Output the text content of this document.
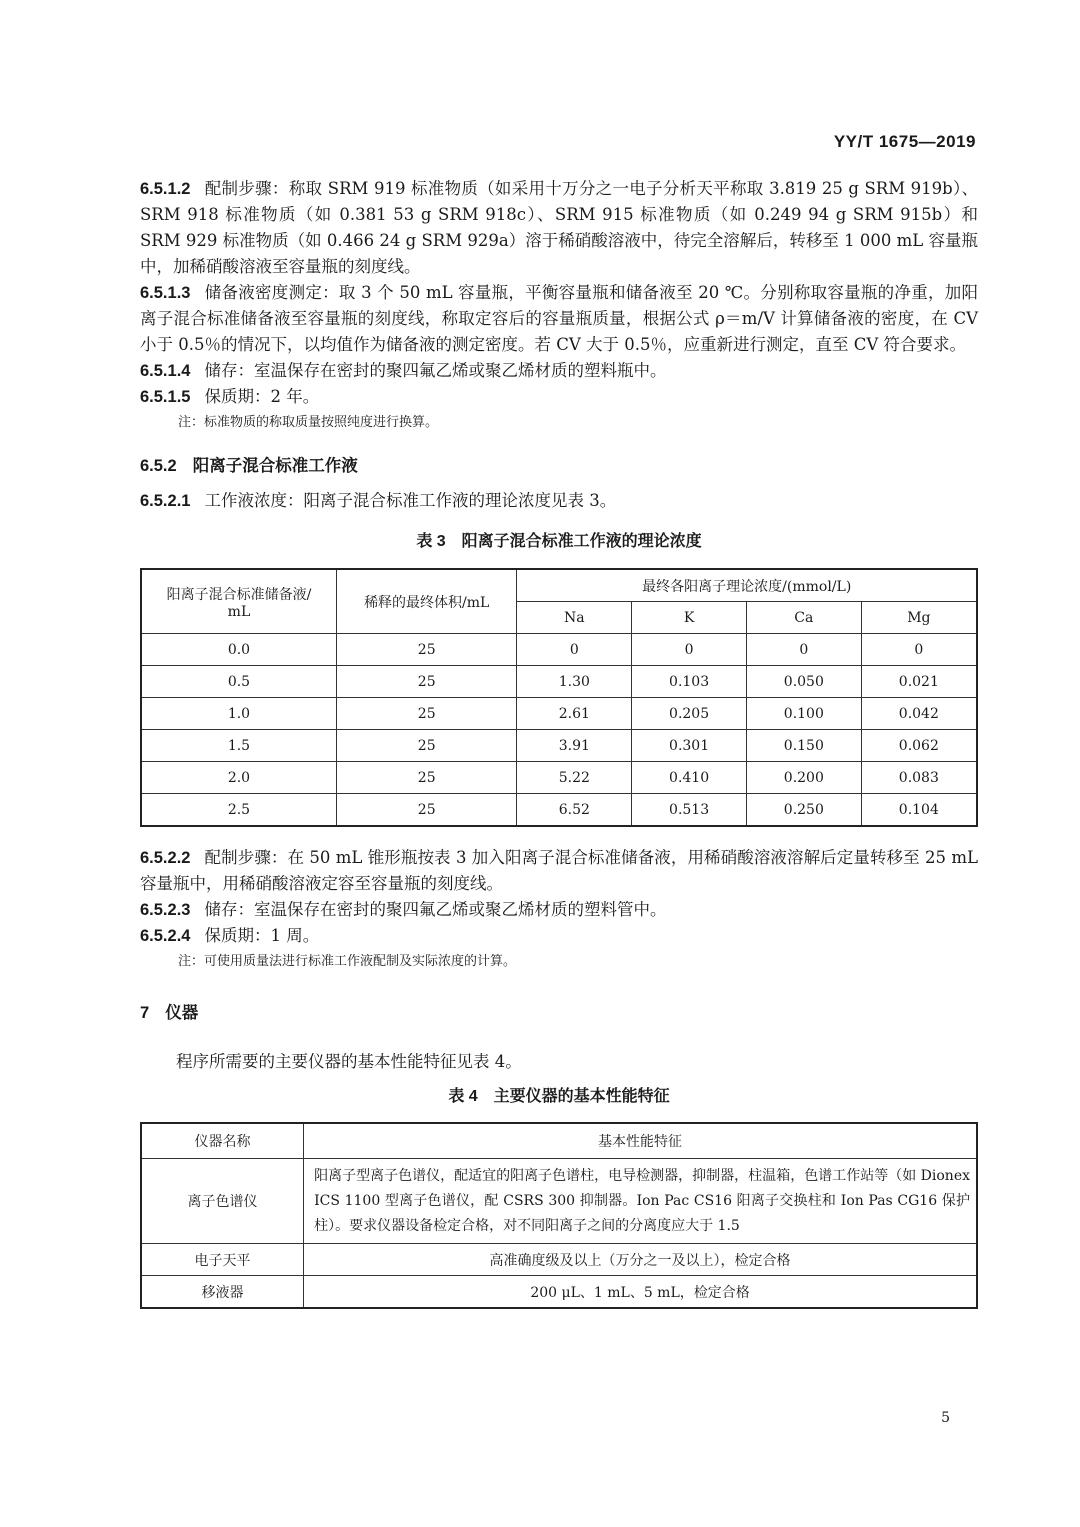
YY/T 1675—2019

6.5.1.2 配制步骤：称取 SRM 919 标准物质（如采用十万分之一电子分析天平称取 3.819 25 g SRM 919b）、SRM 918 标准物质（如 0.381 53 g SRM 918c）、SRM 915 标准物质（如 0.249 94 g SRM 915b）和 SRM 929 标准物质（如 0.466 24 g SRM 929a）溶于稀硝酸溶液中，待完全溶解后，转移至 1 000 mL 容量瓶中，加稀硝酸溶液至容量瓶的刻度线。

6.5.1.3 储备液密度测定：取 3 个 50 mL 容量瓶，平衡容量瓶和储备液至 20 ℃。分别称取容量瓶的净重，加阳离子混合标准储备液至容量瓶的刻度线，称取定容后的容量瓶质量，根据公式 ρ＝m/V 计算储备液的密度，在 CV 小于 0.5％的情况下，以均值作为储备液的测定密度。若 CV 大于 0.5％，应重新进行测定，直至 CV 符合要求。

6.5.1.4 储存：室温保存在密封的聚四氟乙烯或聚乙烯材质的塑料瓶中。

6.5.1.5 保质期：2 年。

注：标准物质的称取质量按照纯度进行换算。

6.5.2 阳离子混合标准工作液

6.5.2.1 工作液浓度：阳离子混合标准工作液的理论浓度见表 3。

表 3　阳离子混合标准工作液的理论浓度

阳离子混合标准储备液/
mL	稀释的最终体积/mL	最终各阳离子理论浓度/(mmol/L)			
		Na	K	Ca	Mg
0.0	25	0	0	0	0
0.5	25	1.30	0.103	0.050	0.021
1.0	25	2.61	0.205	0.100	0.042
1.5	25	3.91	0.301	0.150	0.062
2.0	25	5.22	0.410	0.200	0.083
2.5	25	6.52	0.513	0.250	0.104

6.5.2.2 配制步骤：在 50 mL 锥形瓶按表 3 加入阳离子混合标准储备液，用稀硝酸溶液溶解后定量转移至 25 mL 容量瓶中，用稀硝酸溶液定容至容量瓶的刻度线。

6.5.2.3 储存：室温保存在密封的聚四氟乙烯或聚乙烯材质的塑料管中。

6.5.2.4 保质期：1 周。

注：可使用质量法进行标准工作液配制及实际浓度的计算。

7 仪器

程序所需要的主要仪器的基本性能特征见表 4。

表 4　主要仪器的基本性能特征

仪器名称	基本性能特征
离子色谱仪	阳离子型离子色谱仪，配适宜的阳离子色谱柱，电导检测器，抑制器，柱温箱，色谱工作站等（如 Dionex ICS 1100 型离子色谱仪，配 CSRS 300 抑制器。Ion Pac CS16 阳离子交换柱和 Ion Pas CG16 保护柱）。要求仪器设备检定合格，对不同阳离子之间的分离度应大于 1.5
电子天平	高准确度级及以上（万分之一及以上），检定合格
移液器	200 μL、1 mL、5 mL，检定合格
5
